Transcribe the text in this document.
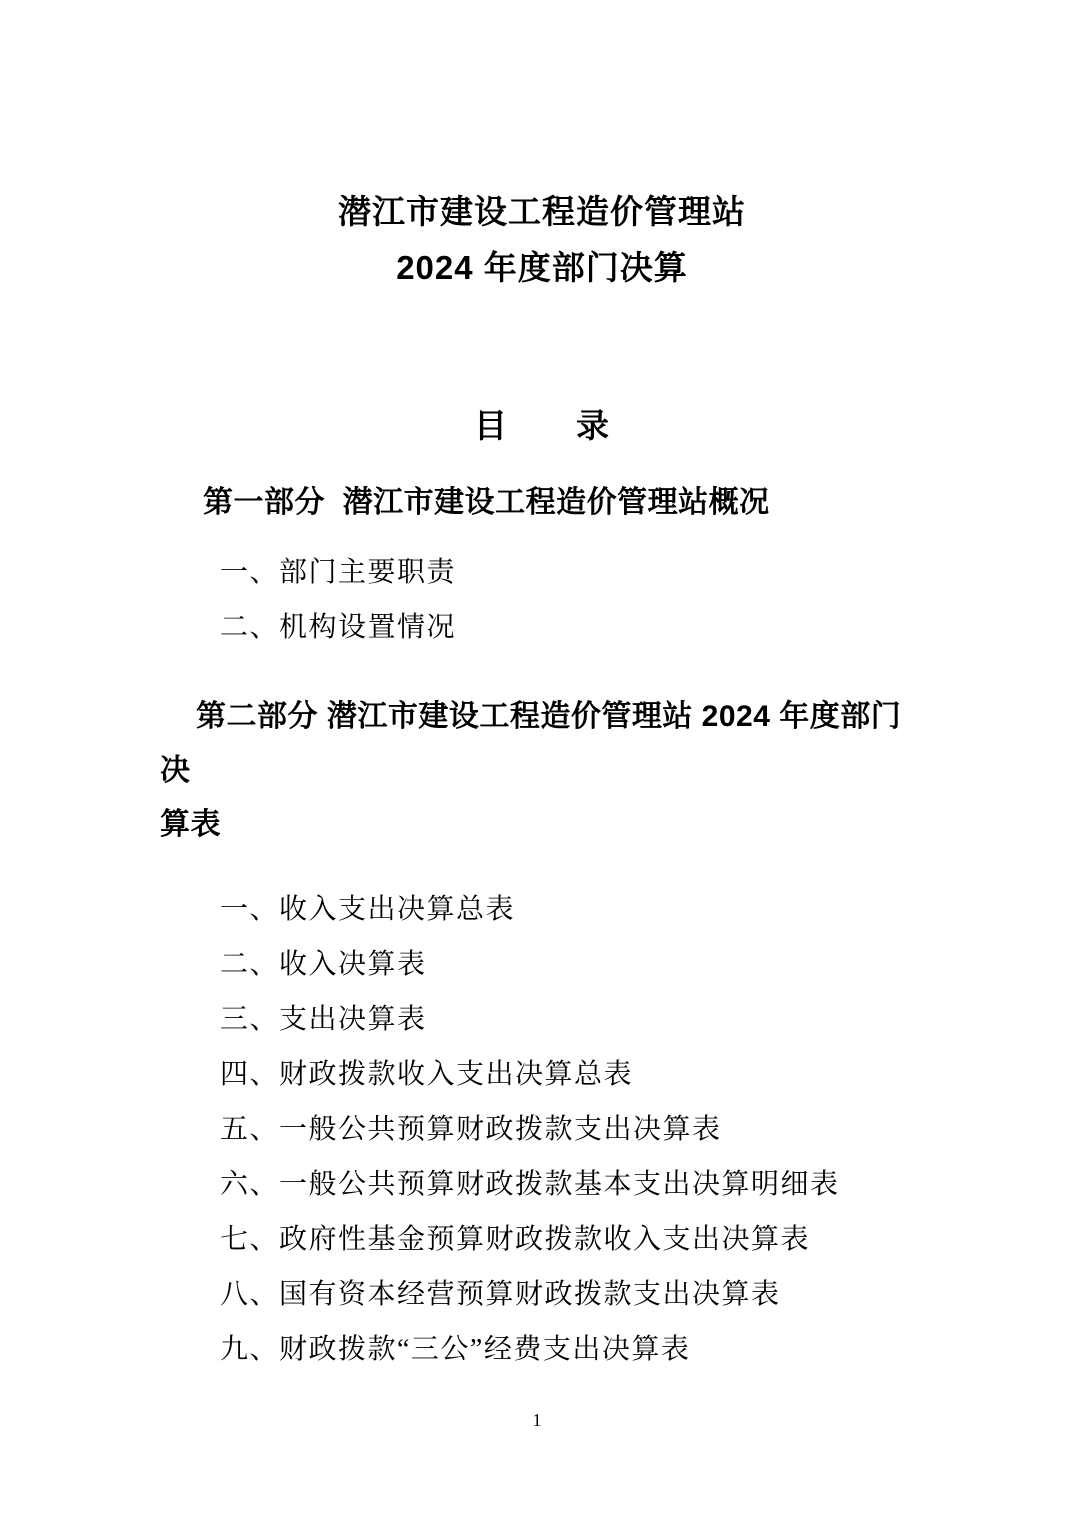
潜江市建设工程造价管理站
2024 年度部门决算
目　　录
第一部分  潜江市建设工程造价管理站概况
一、部门主要职责
二、机构设置情况
第二部分 潜江市建设工程造价管理站 2024 年度部门决
算表
一、收入支出决算总表
二、收入决算表
三、支出决算表
四、财政拨款收入支出决算总表
五、一般公共预算财政拨款支出决算表
六、一般公共预算财政拨款基本支出决算明细表
七、政府性基金预算财政拨款收入支出决算表
八、国有资本经营预算财政拨款支出决算表
九、财政拨款“三公”经费支出决算表
1
